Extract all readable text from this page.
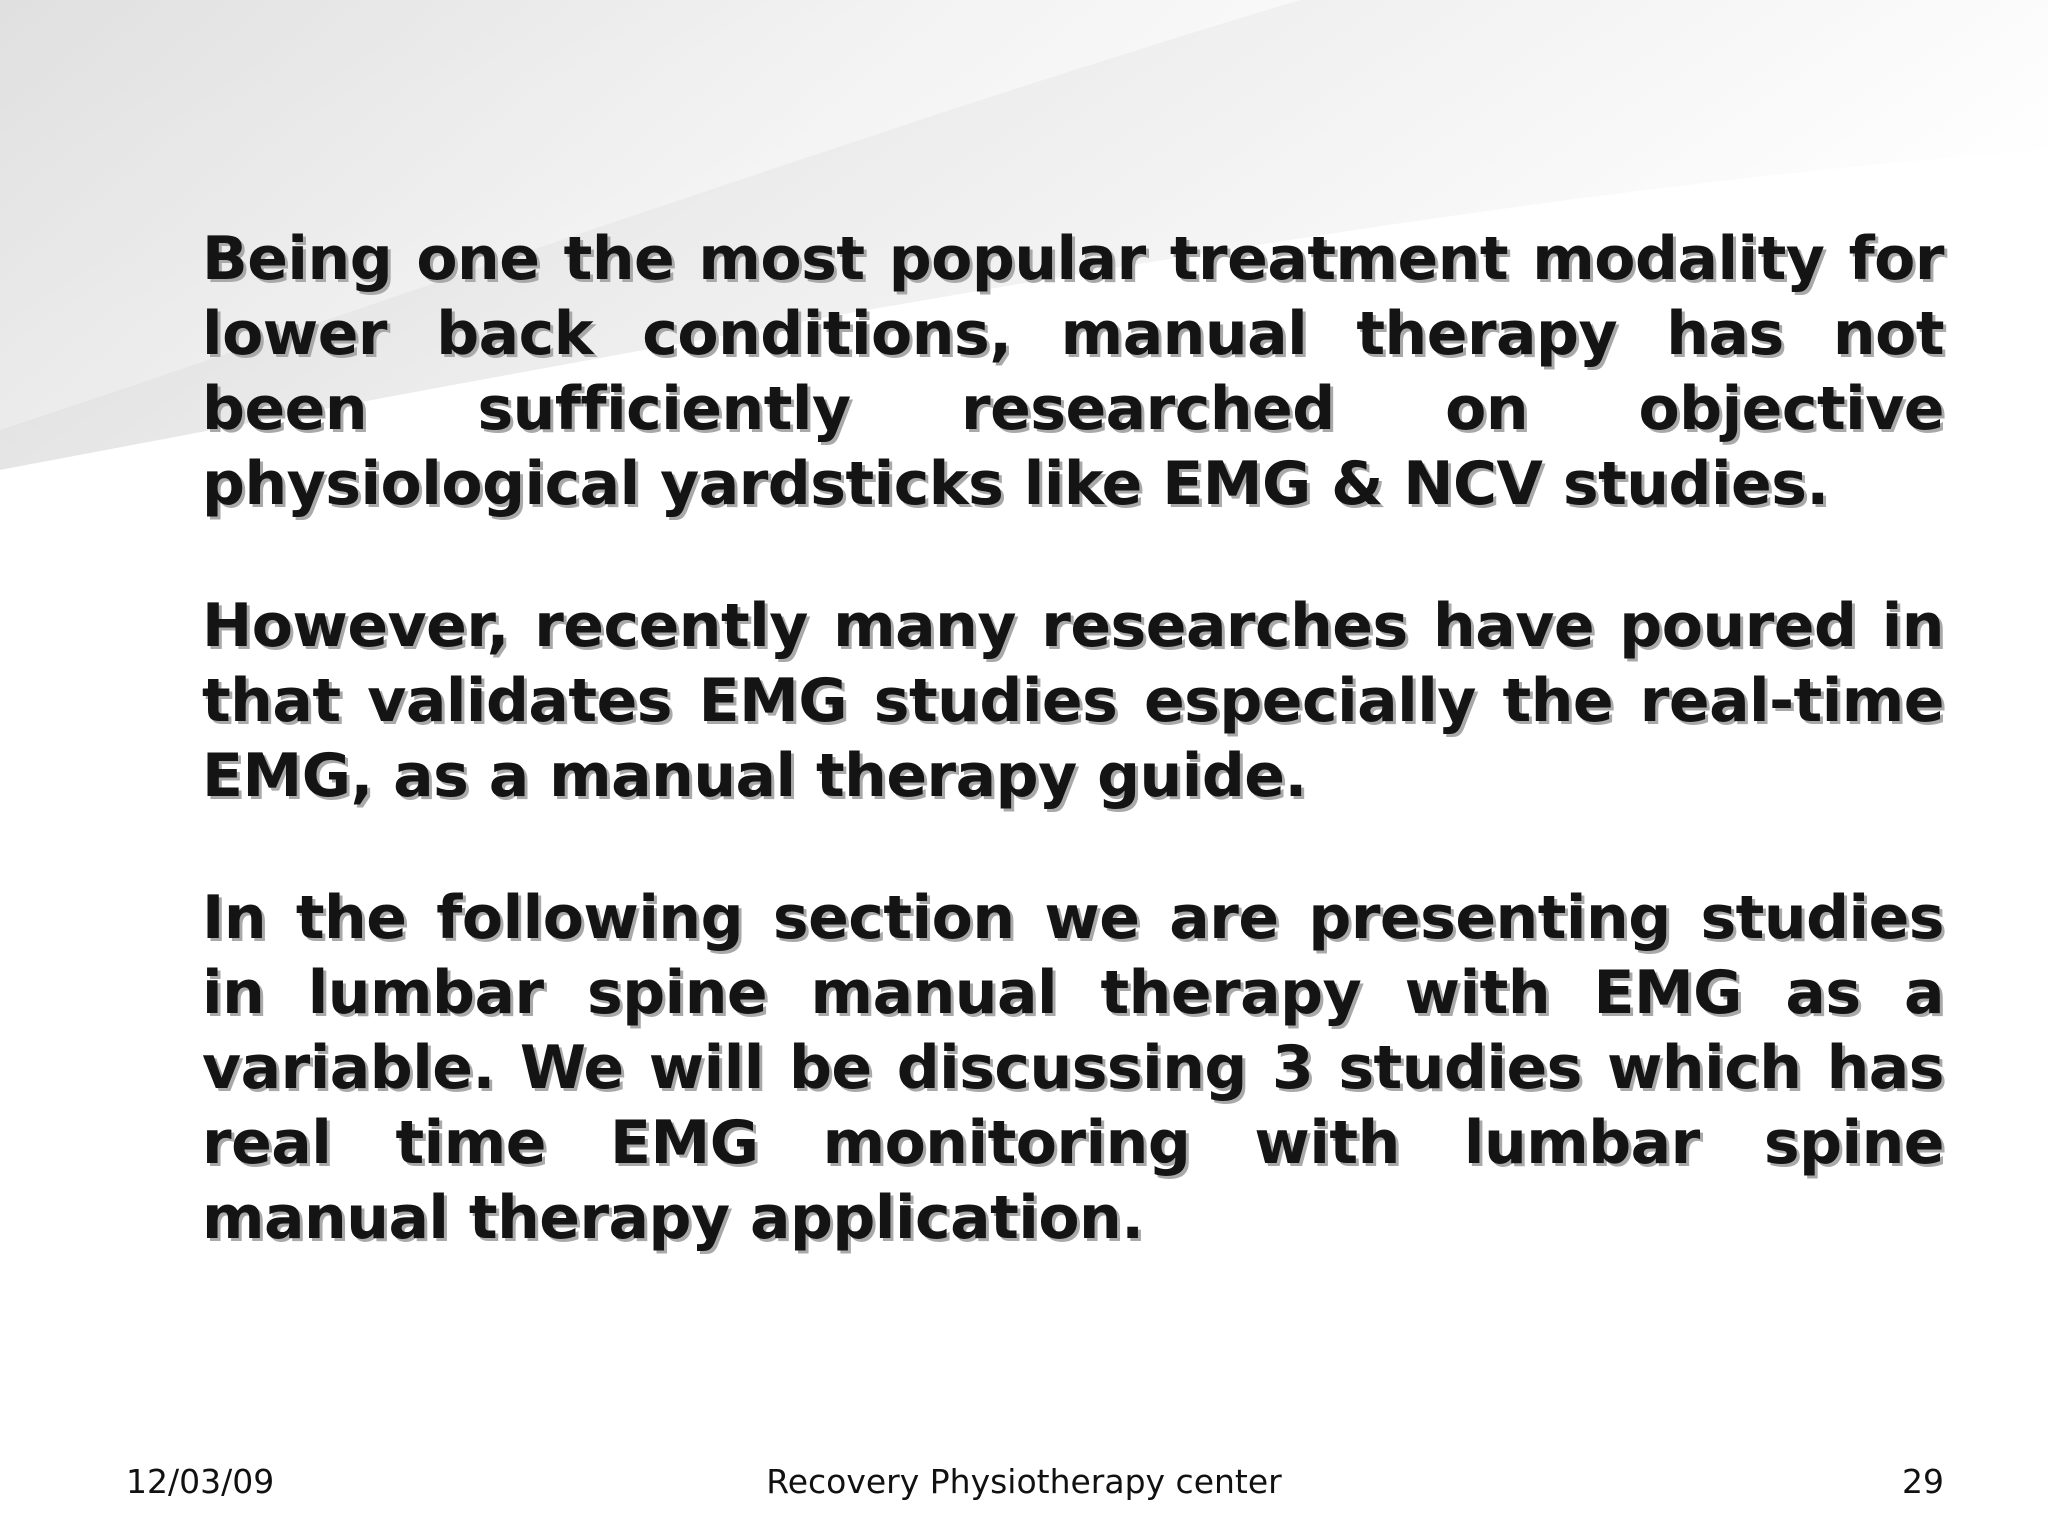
Being one the most popular treatment modality for lower back conditions, manual therapy has not been sufficiently researched on objective physiological yardsticks like EMG & NCV studies.

However, recently many researches have poured in that validates EMG studies especially the real-time EMG, as a manual therapy guide.

In the following section we are presenting studies in lumbar spine manual therapy with EMG as a variable. We will be discussing 3 studies which has real time EMG monitoring with lumbar spine manual therapy application.

Recovery Physiotherapy center
12/03/09	29
